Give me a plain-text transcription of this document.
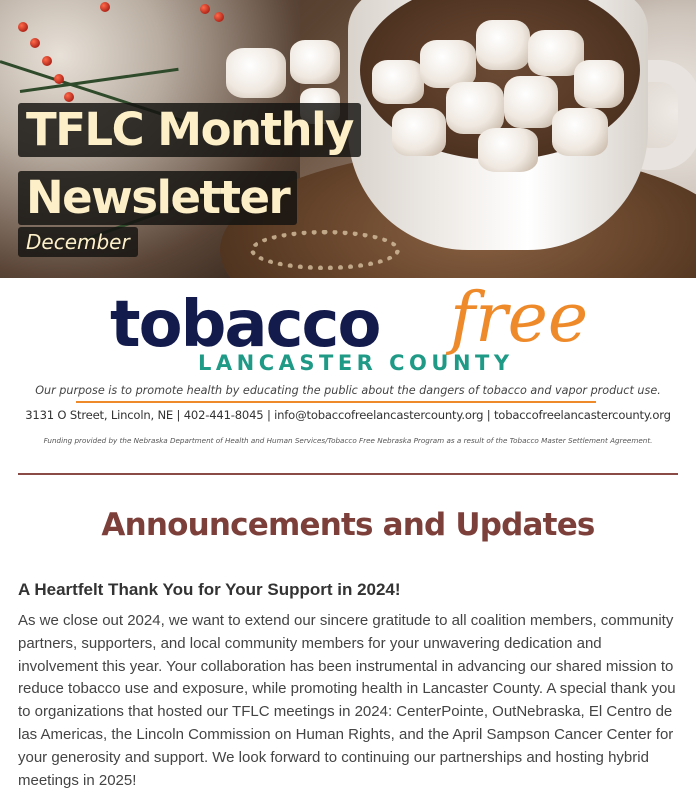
TFLC Monthly
Newsletter
December
tobacco free
LANCASTER COUNTY
Our purpose is to promote health by educating the public about the dangers of tobacco and vapor product use.
3131 O Street, Lincoln, NE | 402-441-8045 | info@tobaccofreelancastercounty.org | tobaccofreelancastercounty.org
Funding provided by the Nebraska Department of Health and Human Services/Tobacco Free Nebraska Program as a result of the Tobacco Master Settlement Agreement.
Announcements and Updates
A Heartfelt Thank You for Your Support in 2024!

As we close out 2024, we want to extend our sincere gratitude to all coalition members, community partners, supporters, and local community members for your unwavering dedication and involvement this year. Your collaboration has been instrumental in advancing our shared mission to reduce tobacco use and exposure, while promoting health in Lancaster County. A special thank you to organizations that hosted our TFLC meetings in 2024: CenterPointe, OutNebraska, El Centro de las Americas, the Lincoln Commission on Human Rights, and the April Sampson Cancer Center for your generosity and support. We look forward to continuing our partnerships and hosting hybrid meetings in 2025!
